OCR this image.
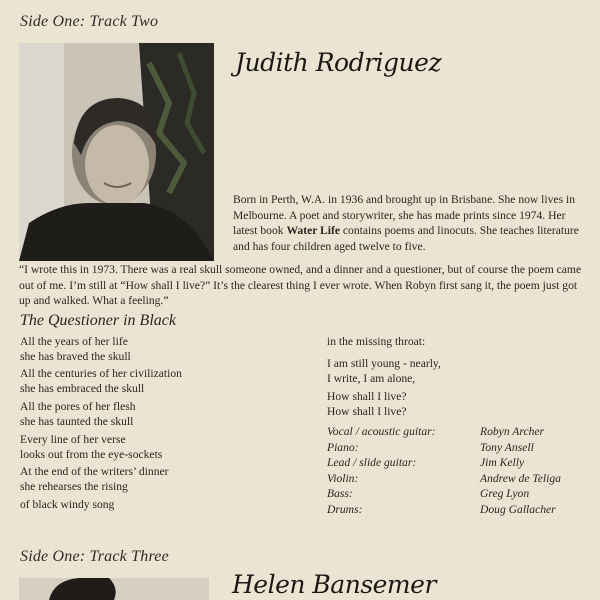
Side One: Track Two
Judith Rodriguez
Born in Perth, W.A. in 1936 and brought up in Brisbane. She now lives in Melbourne. A poet and storywriter, she has made prints since 1974. Her latest book Water Life contains poems and linocuts. She teaches literature and has four children aged twelve to five.
“I wrote this in 1973. There was a real skull someone owned, and a dinner and a questioner, but of course the poem came out of me. I’m still at “How shall I live?” It’s the clearest thing I ever wrote. When Robyn first sang it, the poem just got up and walked. What a feeling.”
The Questioner in Black
All the years of her life
she has braved the skull
All the centuries of her civilization
she has embraced the skull
All the pores of her flesh
she has taunted the skull
Every line of her verse
looks out from the eye-sockets
At the end of the writers’ dinner
she rehearses the rising
of black windy song
in the missing throat:
I am still young - nearly,
I write, I am alone,
How shall I live?
How shall I live?
Vocal / acoustic guitar:	Robyn Archer
Piano:	Tony Ansell
Lead / slide guitar:	Jim Kelly
Violin:	Andrew de Teliga
Bass:	Greg Lyon
Drums:	Doug Gallacher
Side One: Track Three
Helen Bansemer
